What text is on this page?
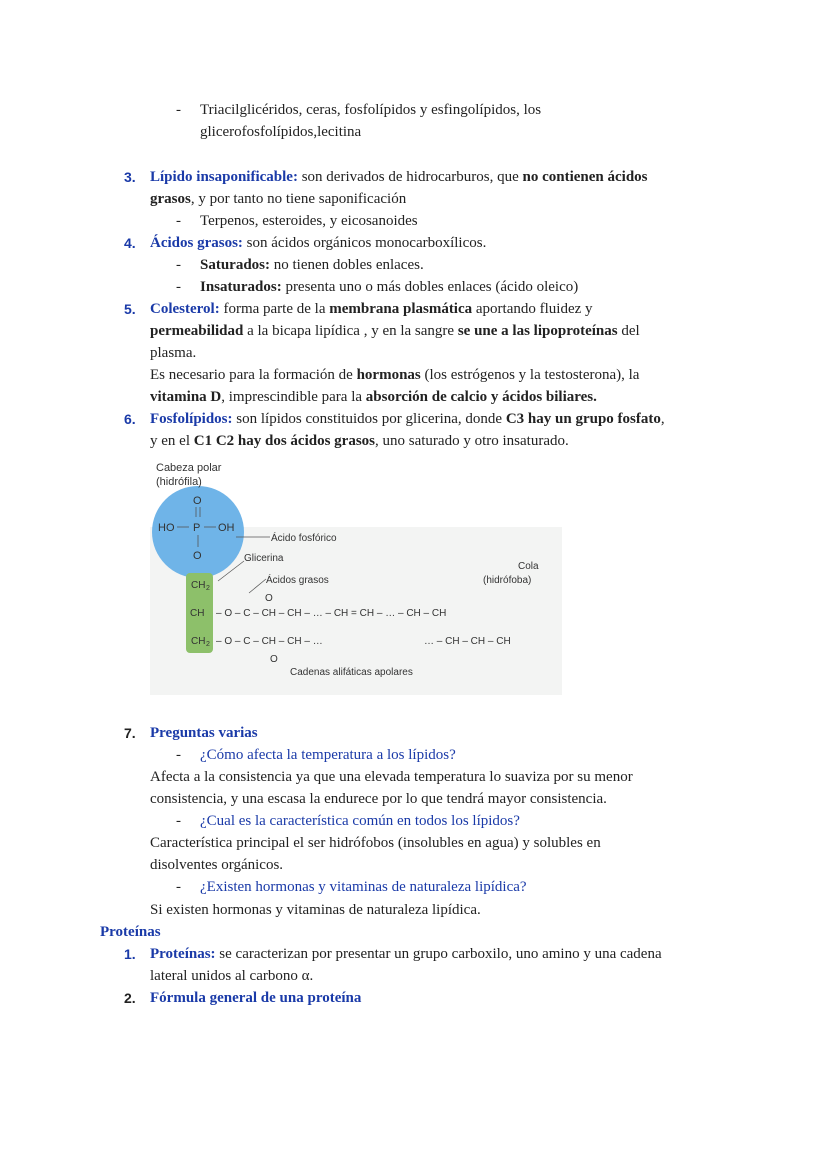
- Triacilglicéridos, ceras, fosfolípidos y esfingolípidos, los
glicerofosfolípidos,lecitina
3. Lípido insaponificable: son derivados de hidrocarburos, que no contienen ácidos
grasos, y por tanto no tiene saponificación
- Terpenos, esteroides, y eicosanoides
4. Ácidos grasos: son ácidos orgánicos monocarboxílicos.
- Saturados: no tienen dobles enlaces.
- Insaturados: presenta uno o más dobles enlaces (ácido oleico)
5. Colesterol: forma parte de la membrana plasmática aportando fluidez y
permeabilidad a la bicapa lipídica , y en la sangre se une a las lipoproteínas del
plasma.
Es necesario para la formación de hormonas (los estrógenos y la testosterona), la
vitamina D, imprescindible para la absorción de calcio y ácidos biliares.
6. Fosfolípidos: son lípidos constituidos por glicerina, donde C3 hay un grupo fosfato,
y en el C1 C2 hay dos ácidos grasos, uno saturado y otro insaturado.
Cabeza polar
(hidrófila)
O
HO P OH
O
Ácido fosfórico
Glicerina
Ácidos grasos
Cola
(hidrófoba)
CH 2
CH
CH 2
O
O
– O – C – CH – CH – … – CH = CH – … – CH – CH
– O – C – CH – CH – …	… – CH – CH – CH
Cadenas alifáticas apolares
7. Preguntas varias
- ¿Cómo afecta la temperatura a los lípidos?
Afecta a la consistencia ya que una elevada temperatura lo suaviza por su menor
consistencia, y una escasa la endurece por lo que tendrá mayor consistencia.
- ¿Cual es la característica común en todos los lípidos?
Característica principal el ser hidrófobos (insolubles en agua) y solubles en
disolventes orgánicos.
- ¿Existen hormonas y vitaminas de naturaleza lipídica?
Si existen hormonas y vitaminas de naturaleza lipídica.
Proteínas
1. Proteínas: se caracterizan por presentar un grupo carboxilo, uno amino y una cadena
lateral unidos al carbono α.
2. Fórmula general de una proteína
